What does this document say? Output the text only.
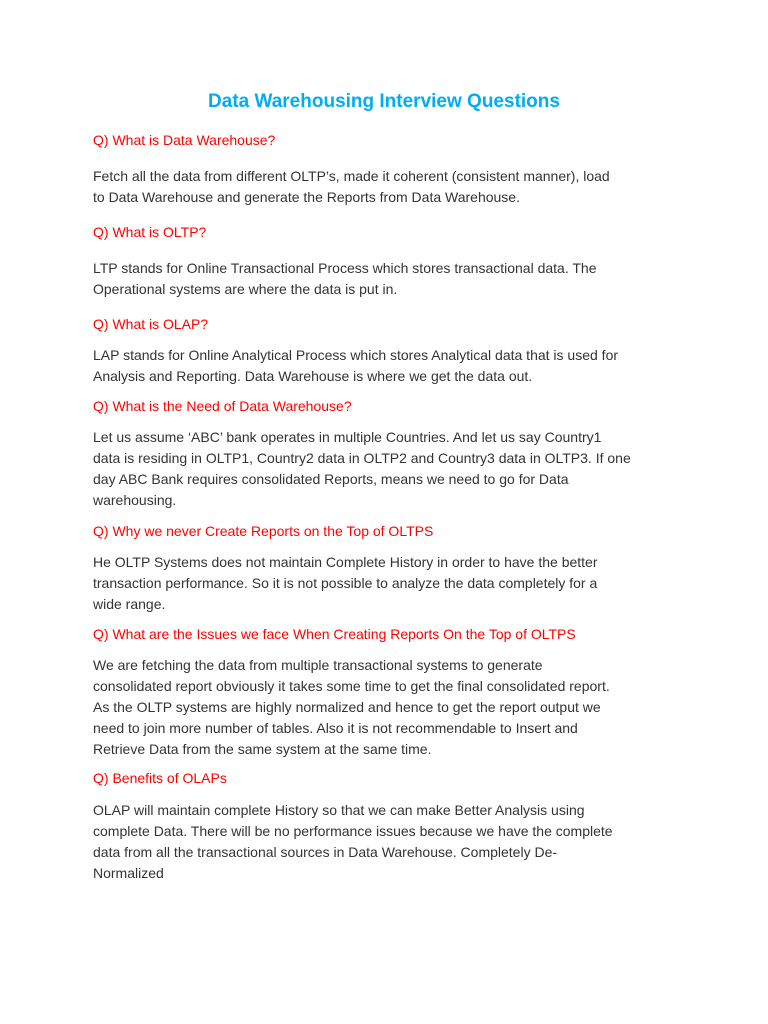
Data Warehousing Interview Questions

Q) What is Data Warehouse?

Fetch all the data from different OLTP’s, made it coherent (consistent manner), load
to Data Warehouse and generate the Reports from Data Warehouse.

Q) What is OLTP?

LTP stands for Online Transactional Process which stores transactional data. The
Operational systems are where the data is put in.

Q) What is OLAP?

LAP stands for Online Analytical Process which stores Analytical data that is used for
Analysis and Reporting. Data Warehouse is where we get the data out.

Q) What is the Need of Data Warehouse?

Let us assume ‘ABC’ bank operates in multiple Countries. And let us say Country1
data is residing in OLTP1, Country2 data in OLTP2 and Country3 data in OLTP3. If one
day ABC Bank requires consolidated Reports, means we need to go for Data
warehousing.

Q) Why we never Create Reports on the Top of OLTPS

He OLTP Systems does not maintain Complete History in order to have the better
transaction performance. So it is not possible to analyze the data completely for a
wide range.

Q) What are the Issues we face When Creating Reports On the Top of OLTPS

We are fetching the data from multiple transactional systems to generate
consolidated report obviously it takes some time to get the final consolidated report.
As the OLTP systems are highly normalized and hence to get the report output we
need to join more number of tables. Also it is not recommendable to Insert and
Retrieve Data from the same system at the same time.

Q) Benefits of OLAPs

OLAP will maintain complete History so that we can make Better Analysis using
complete Data. There will be no performance issues because we have the complete
data from all the transactional sources in Data Warehouse. Completely De-
Normalized
